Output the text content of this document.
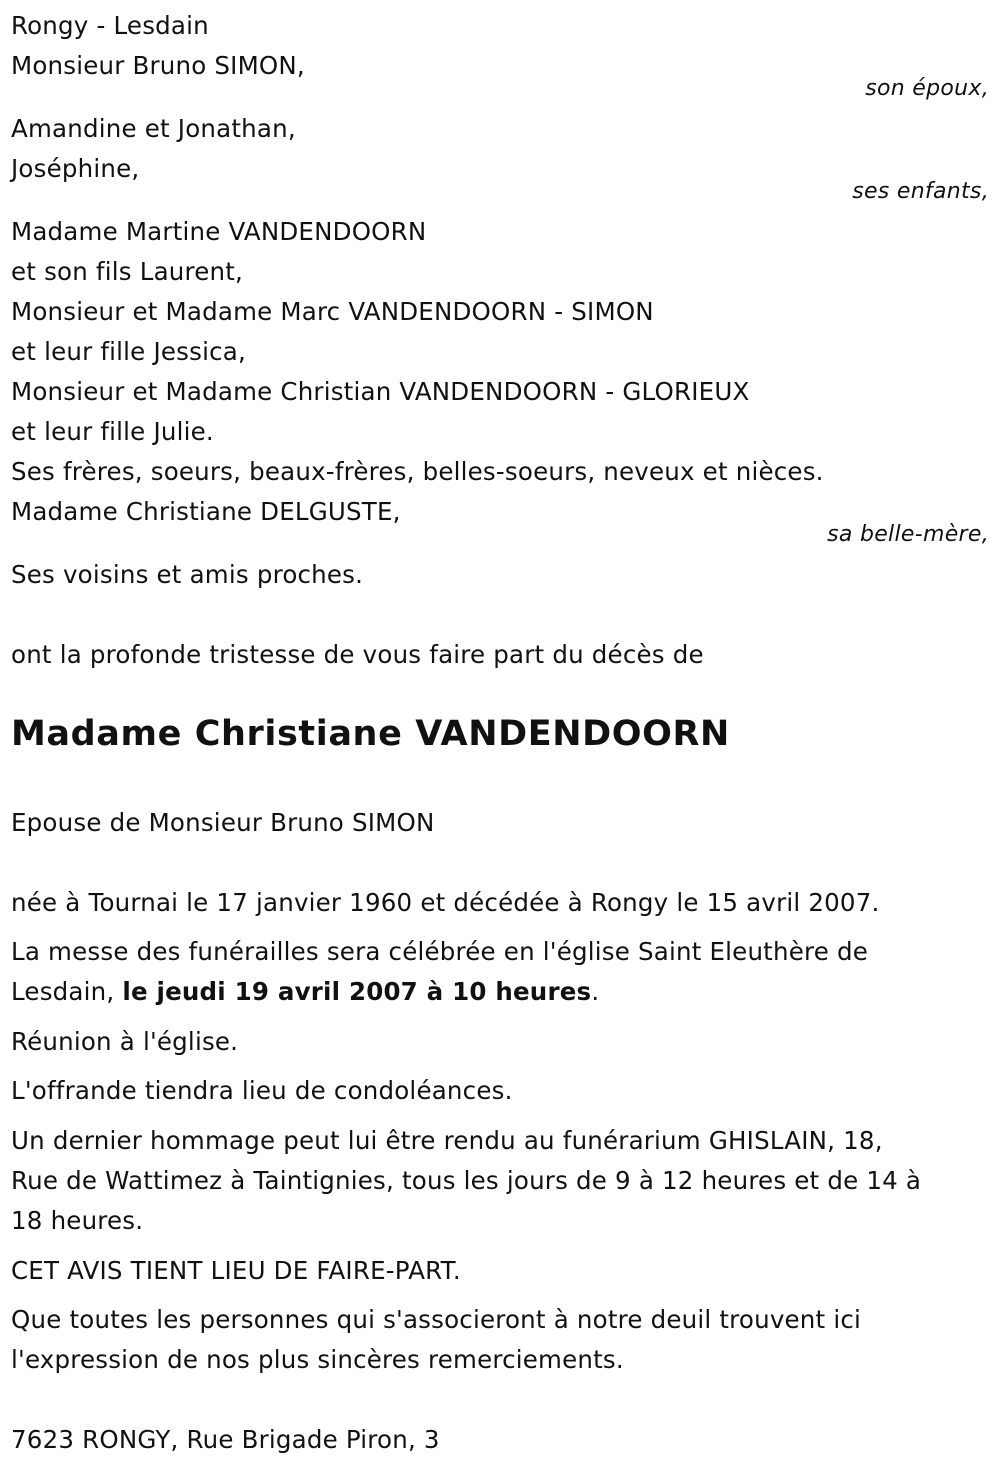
Rongy - Lesdain
Monsieur Bruno SIMON,
son époux,
Amandine et Jonathan,
Joséphine,
ses enfants,
Madame Martine VANDENDOORN
et son fils Laurent,
Monsieur et Madame Marc VANDENDOORN - SIMON
et leur fille Jessica,
Monsieur et Madame Christian VANDENDOORN - GLORIEUX
et leur fille Julie.
Ses frères, soeurs, beaux-frères, belles-soeurs, neveux et nièces.
Madame Christiane DELGUSTE,
sa belle-mère,
Ses voisins et amis proches.
ont la profonde tristesse de vous faire part du décès de
Madame Christiane VANDENDOORN
Epouse de Monsieur Bruno SIMON
née à Tournai le 17 janvier 1960 et décédée à Rongy le 15 avril 2007.
La messe des funérailles sera célébrée en l'église Saint Eleuthère de
Lesdain, le jeudi 19 avril 2007 à 10 heures.
Réunion à l'église.
L'offrande tiendra lieu de condoléances.
Un dernier hommage peut lui être rendu au funérarium GHISLAIN, 18,
Rue de Wattimez à Taintignies, tous les jours de 9 à 12 heures et de 14 à
18 heures.
CET AVIS TIENT LIEU DE FAIRE-PART.
Que toutes les personnes qui s'associeront à notre deuil trouvent ici
l'expression de nos plus sincères remerciements.
7623 RONGY, Rue Brigade Piron, 3
